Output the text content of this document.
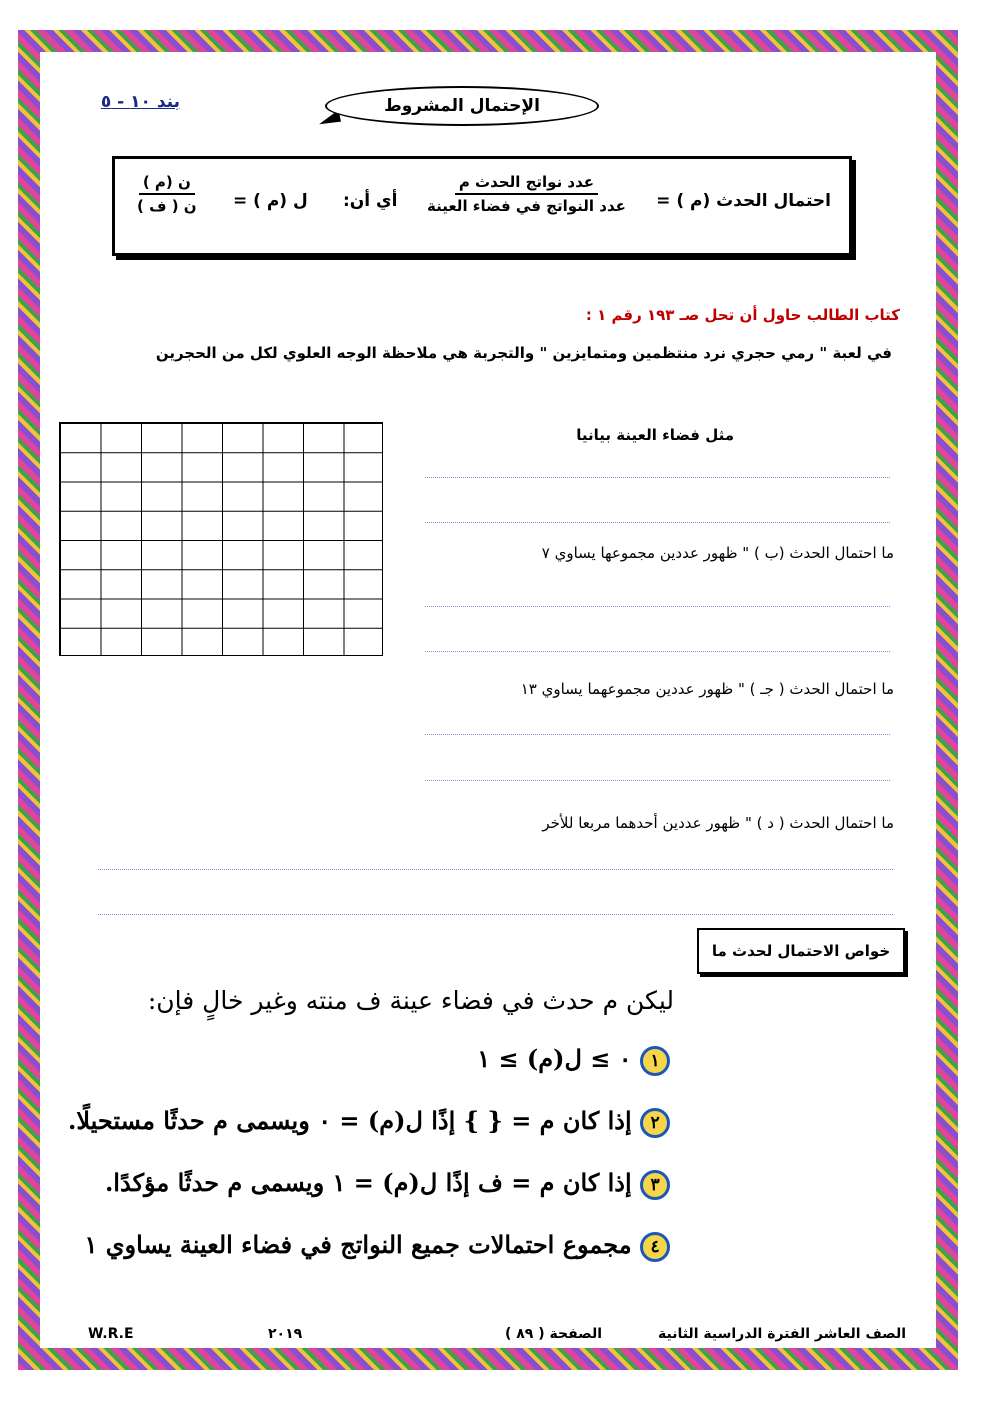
الإحتمال المشروط
بند ١٠ - ٥
احتمال الحدث (م ) =
$\frac{\text{عدد نواتج الحدث م}}{\text{عدد النواتج في فضاء العينة}}$
أي أن:
ل (م ) =
$\frac{\text{ن (م )}}{\text{ن ( ف )}}$
كتاب الطالب حاول أن تحل صـ ١٩٣ رقم ١ :
في لعبة " رمي حجري نرد منتظمين ومتمايزين " والتجربة هي ملاحظة الوجه العلوي لكل من الحجرين
مثل فضاء العينة بيانيا
ما احتمال الحدث (ب ) " ظهور عددين مجموعها يساوي ٧
ما احتمال الحدث ( جـ ) " ظهور عددين مجموعهما يساوي ١٣
ما احتمال الحدث ( د ) " ظهور عددين أحدهما مربعا للأخر
خواص الاحتمال لحدث ما
ليكن م حدث في فضاء عينة ف منته وغير خالٍ فإن:
١ ٠ ≥ ل(م) ≥ ١
٢ إذا كان م = { } إذًا ل(م) = ٠ ويسمى م حدثًا مستحيلًا.
٣ إذا كان م = ف إذًا ل(م) = ١ ويسمى م حدثًا مؤكدًا.
٤ مجموع احتمالات جميع النواتج في فضاء العينة يساوي ١
الصف العاشر الفترة الدراسية الثانية
الصفحة ( ٨٩ )
٢٠١٩
W.R.E
